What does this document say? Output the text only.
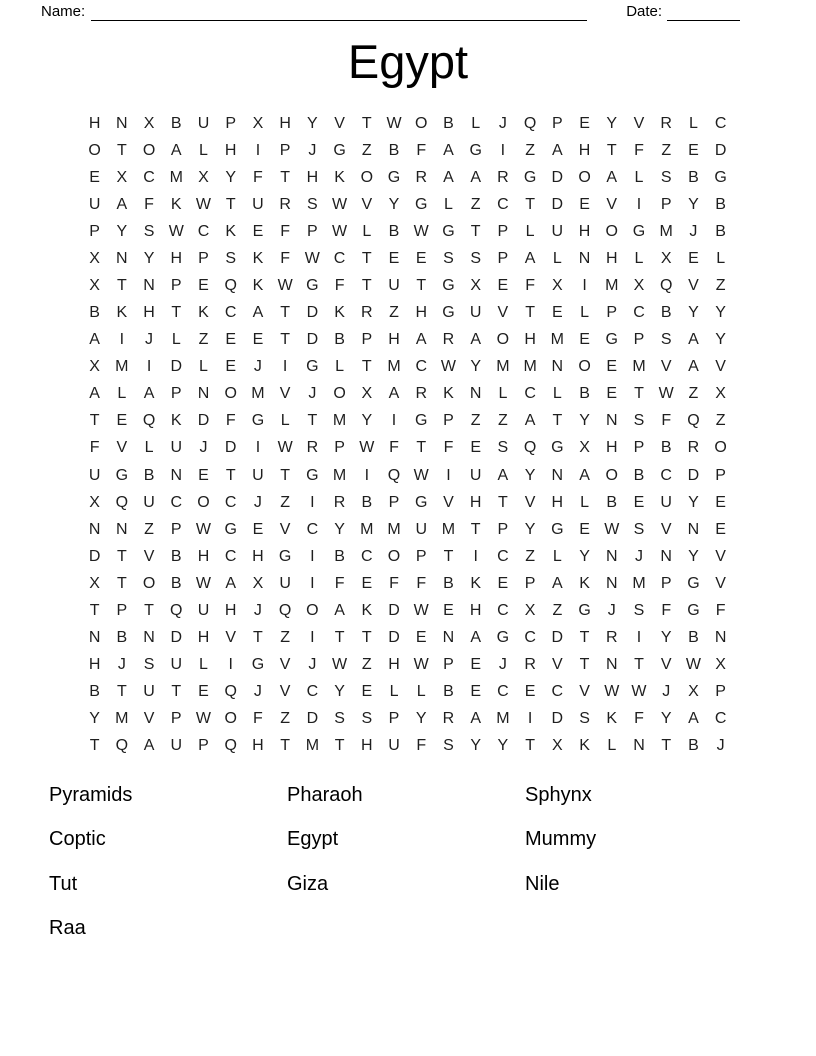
Name:	Date:
Egypt
H N	X	B	U	P	X	H	Y	V	T W O B	L	J	Q P	E	Y	V	R	L	C
O	T	O A	L	H	I	P	J	G	Z	B	F	A G	I	Z	A	H	T	F	Z	E	D
E	X	C M X	Y	F	T	H	K O G R	A	A	R G D O A	L	S	B G
U	A	F	K W T	U R	S W V	Y G	L	Z	C	T	D	E	V	I	P	Y	B
P	Y	S W C	K	E	F	P W L	B W G	T	P	L	U H O G M	J	B
X	N	Y	H	P	S	K	F W C	T	E	E	S	S	P	A	L	N H	L	X	E	L
X	T	N	P	E Q K W G	F	T	U	T	G X	E	F	X	I	M X Q V	Z
B	K	H	T	K	C	A	T	D	K	R	Z	H G U	V	T	E	L	P	C	B	Y	Y
A	I	J	L	Z	E	E	T	D	B	P	H	A	R	A O H M E G P	S	A	Y
X M	I	D	L	E	J	I	G	L	T M C W Y M M N O E M V	A	V
A	L	A	P	N O M V	J	O X	A	R	K	N	L	C	L	B	E	T W Z	X
T	E Q K	D	F	G	L	T M Y	I	G P	Z	Z	A	T	Y	N	S	F	Q	Z
F	V	L	U	J	D	I	W R	P W F	T	F	E	S Q G X	H	P	B	R O
U G B	N	E	T	U	T	G M	I	Q W	I	U	A	Y	N	A O B	C D	P
X Q U C O C	J	Z	I	R	B	P G V	H	T	V	H	L	B	E	U	Y	E
N N	Z	P W G E	V	C	Y M M U M T	P	Y G E W S	V	N	E
D	T	V	B	H C H G	I	B	C O P	T	I	C	Z	L	Y	N	J	N	Y	V
X	T	O B W A	X	U	I	F	E	F	F	B	K	E	P	A	K	N M P G V
T	P	T	Q U H	J	Q O A	K	D W E	H C	X	Z	G	J	S	F	G	F
N	B	N D H	V	T	Z	I	T	T	D	E	N	A G C D	T	R	I	Y	B	N
H	J	S	U	L	I	G V	J W Z	H W P	E	J	R	V	T	N	T	V W X
B	T	U	T	E Q	J	V	C	Y	E	L	L	B	E	C	E	C	V W W J	X	P
Y M V	P W O	F	Z	D	S	S	P	Y	R	A M	I	D	S	K	F	Y	A	C
T	Q A	U	P Q H	T M T	H U	F	S	Y	Y	T	X	K	L	N	T	B	J
Pyramids	Pharaoh	Sphynx
Coptic	Egypt	Mummy
Tut	Giza	Nile
Raa
